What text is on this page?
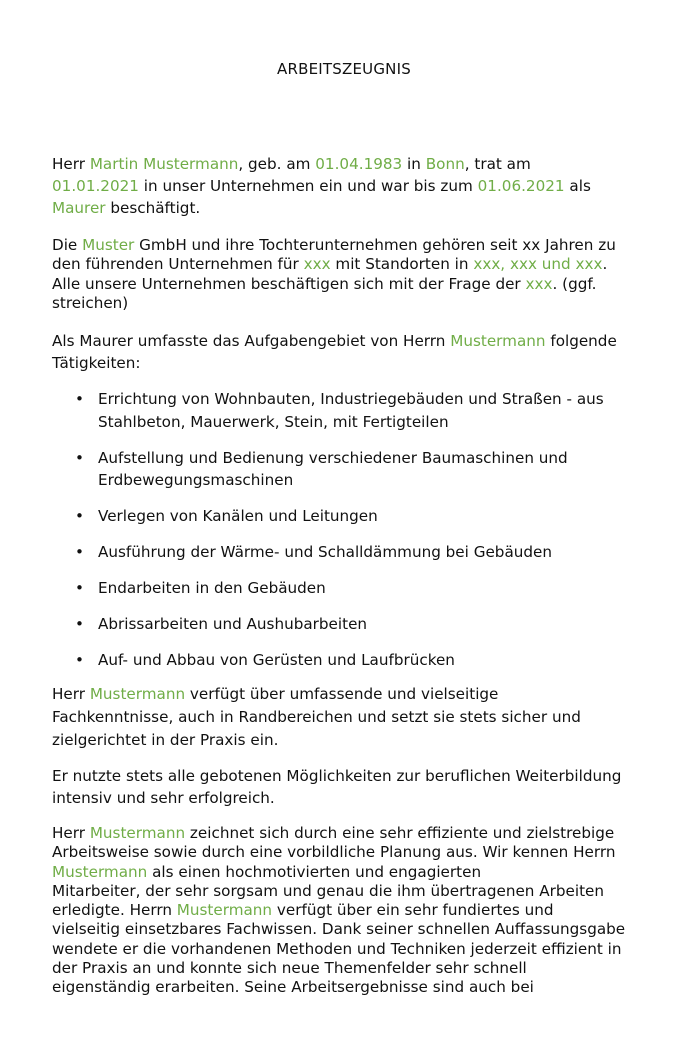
ARBEITSZEUGNIS

Herr Martin Mustermann, geb. am 01.04.1983 in Bonn, trat am
01.01.2021 in unser Unternehmen ein und war bis zum 01.06.2021 als
Maurer beschäftigt.

Die Muster GmbH und ihre Tochterunternehmen gehören seit xx Jahren zu
den führenden Unternehmen für xxx mit Standorten in xxx, xxx und xxx.
Alle unsere Unternehmen beschäftigen sich mit der Frage der xxx. (ggf.
streichen)

Als Maurer umfasste das Aufgabengebiet von Herrn Mustermann folgende
Tätigkeiten:

• Errichtung von Wohnbauten, Industriegebäuden und Straßen - aus
Stahlbeton, Mauerwerk, Stein, mit Fertigteilen
• Aufstellung und Bedienung verschiedener Baumaschinen und
Erdbewegungsmaschinen
• Verlegen von Kanälen und Leitungen
• Ausführung der Wärme- und Schalldämmung bei Gebäuden
• Endarbeiten in den Gebäuden
• Abrissarbeiten und Aushubarbeiten
• Auf- und Abbau von Gerüsten und Laufbrücken

Herr Mustermann verfügt über umfassende und vielseitige
Fachkenntnisse, auch in Randbereichen und setzt sie stets sicher und
zielgerichtet in der Praxis ein.

Er nutzte stets alle gebotenen Möglichkeiten zur beruflichen Weiterbildung
intensiv und sehr erfolgreich.

Herr Mustermann zeichnet sich durch eine sehr effiziente und zielstrebige
Arbeitsweise sowie durch eine vorbildliche Planung aus. Wir kennen Herrn
Mustermann als einen hochmotivierten und engagierten
Mitarbeiter, der sehr sorgsam und genau die ihm übertragenen Arbeiten
erledigte. Herrn Mustermann verfügt über ein sehr fundiertes und
vielseitig einsetzbares Fachwissen. Dank seiner schnellen Auffassungsgabe
wendete er die vorhandenen Methoden und Techniken jederzeit effizient in
der Praxis an und konnte sich neue Themenfelder sehr schnell
eigenständig erarbeiten. Seine Arbeitsergebnisse sind auch bei
